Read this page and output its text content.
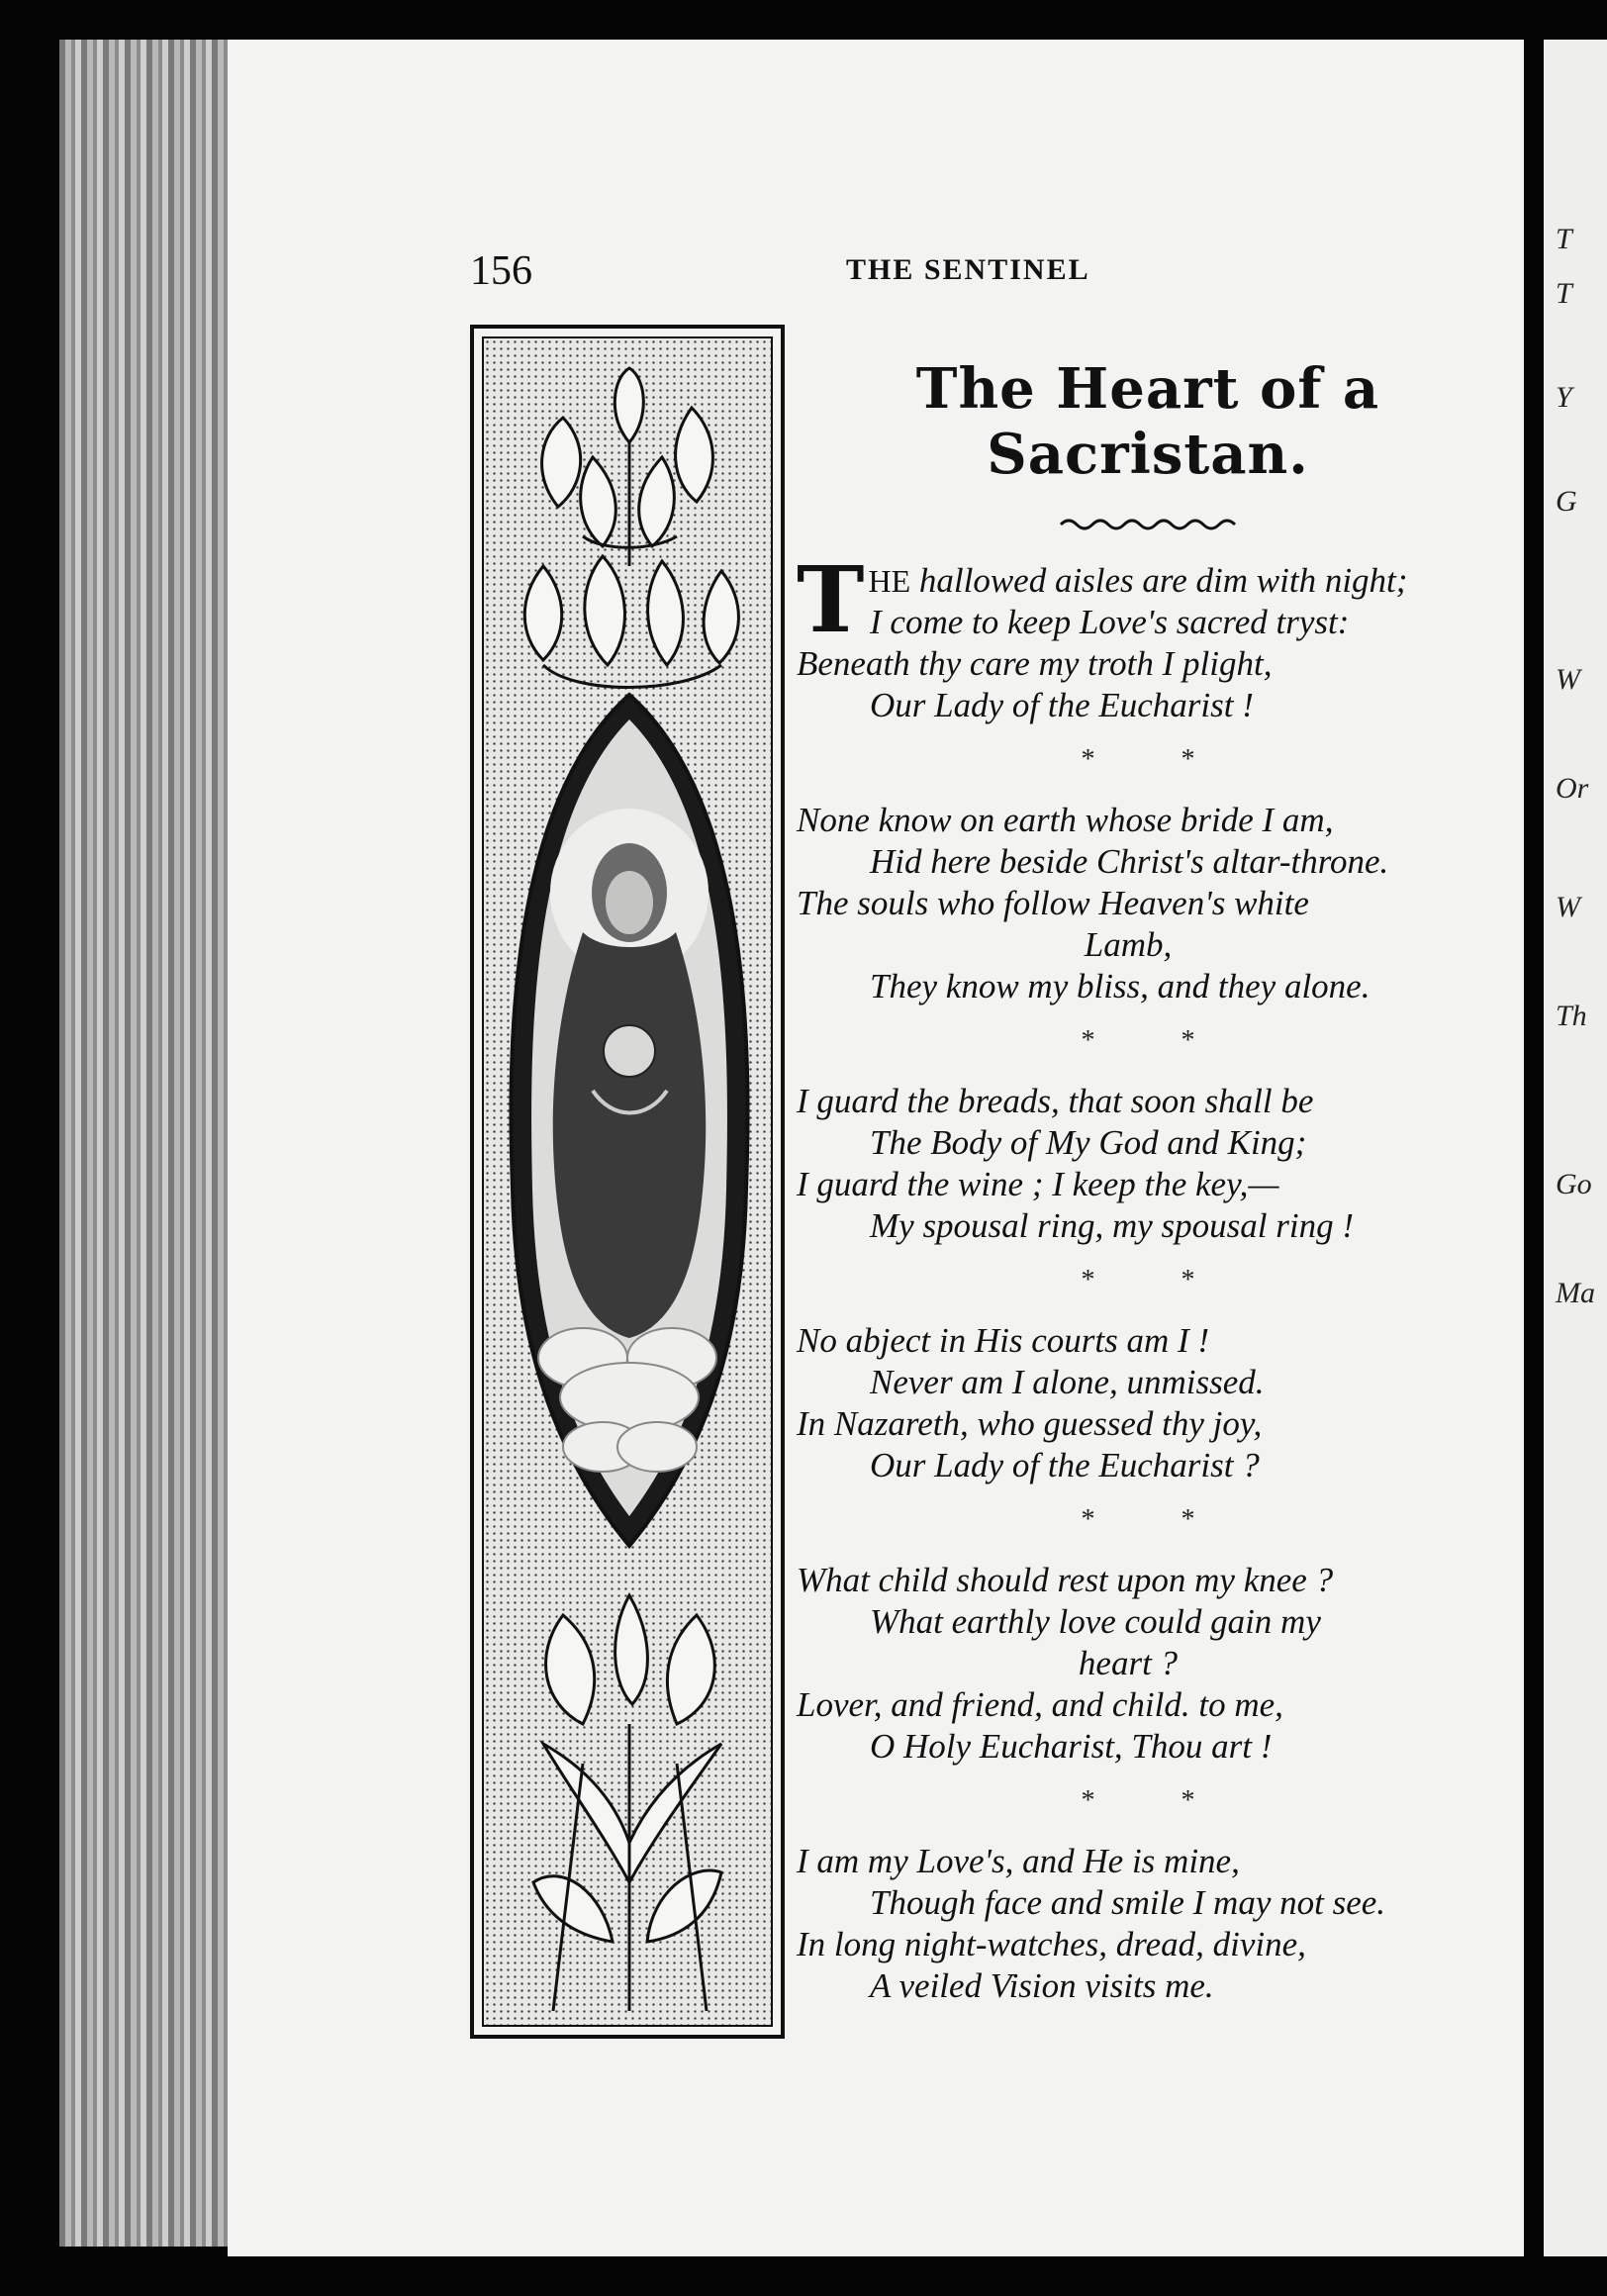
T
T
Y
G
W
Or
W
Th
Go
Ma
156	THE SENTINEL
The Heart of a Sacristan.
T HE hallowed aisles are dim with night;
I come to keep Love's sacred tryst:
Beneath thy care my troth I plight,
Our Lady of the Eucharist !
* *
None know on earth whose bride I am,
Hid here beside Christ's altar-throne.
The souls who follow Heaven's white
Lamb,
They know my bliss, and they alone.
* *
I guard the breads, that soon shall be
The Body of My God and King;
I guard the wine ; I keep the key,—
My spousal ring, my spousal ring !
* *
No abject in His courts am I !
Never am I alone, unmissed.
In Nazareth, who guessed thy joy,
Our Lady of the Eucharist ?
* *
What child should rest upon my knee ?
What earthly love could gain my
heart ?
Lover, and friend, and child. to me,
O Holy Eucharist, Thou art !
* *
I am my Love's, and He is mine,
Though face and smile I may not see.
In long night-watches, dread, divine,
A veiled Vision visits me.
